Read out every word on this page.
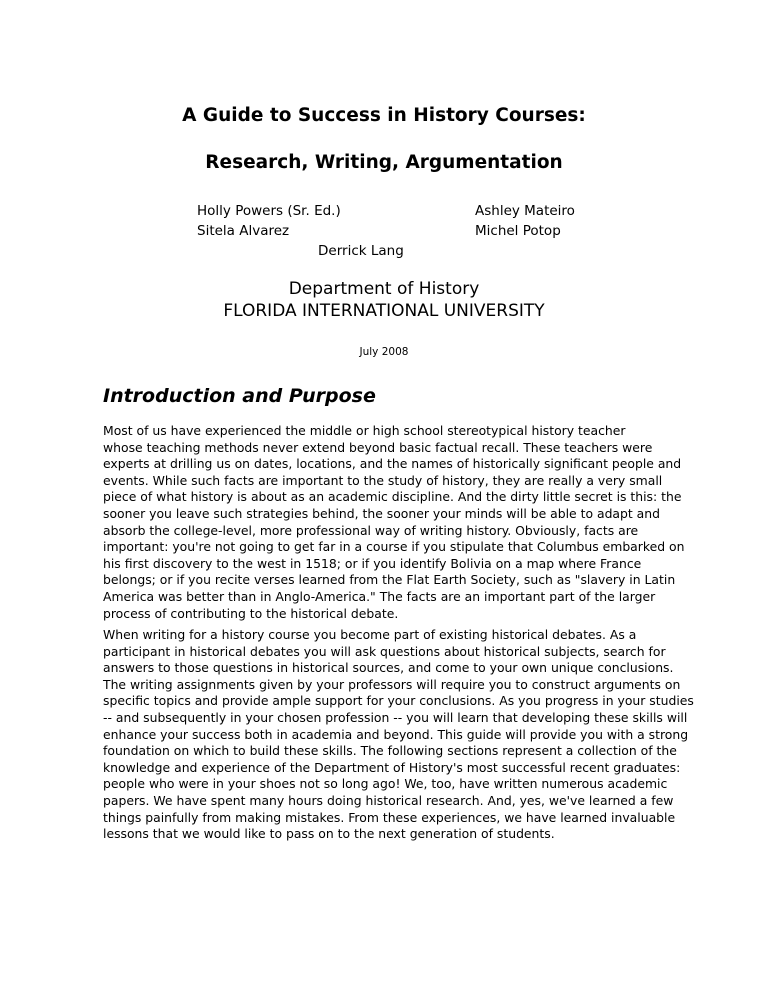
A Guide to Success in History Courses:
Research, Writing, Argumentation
Holly Powers (Sr. Ed.)	Ashley Mateiro
Sitela Alvarez	Michel Potop
Derrick Lang
Department of History
FLORIDA INTERNATIONAL UNIVERSITY
July 2008
Introduction and Purpose
Most of us have experienced the middle or high school stereotypical history teacher
whose teaching methods never extend beyond basic factual recall. These teachers were
experts at drilling us on dates, locations, and the names of historically significant people and
events. While such facts are important to the study of history, they are really a very small
piece of what history is about as an academic discipline. And the dirty little secret is this: the
sooner you leave such strategies behind, the sooner your minds will be able to adapt and
absorb the college-level, more professional way of writing history. Obviously, facts are
important: you're not going to get far in a course if you stipulate that Columbus embarked on
his first discovery to the west in 1518; or if you identify Bolivia on a map where France
belongs; or if you recite verses learned from the Flat Earth Society, such as "slavery in Latin
America was better than in Anglo-America." The facts are an important part of the larger
process of contributing to the historical debate.
When writing for a history course you become part of existing historical debates. As a
participant in historical debates you will ask questions about historical subjects, search for
answers to those questions in historical sources, and come to your own unique conclusions.
The writing assignments given by your professors will require you to construct arguments on
specific topics and provide ample support for your conclusions. As you progress in your studies
-- and subsequently in your chosen profession -- you will learn that developing these skills will
enhance your success both in academia and beyond. This guide will provide you with a strong
foundation on which to build these skills. The following sections represent a collection of the
knowledge and experience of the Department of History's most successful recent graduates:
people who were in your shoes not so long ago! We, too, have written numerous academic
papers. We have spent many hours doing historical research. And, yes, we've learned a few
things painfully from making mistakes. From these experiences, we have learned invaluable
lessons that we would like to pass on to the next generation of students.
